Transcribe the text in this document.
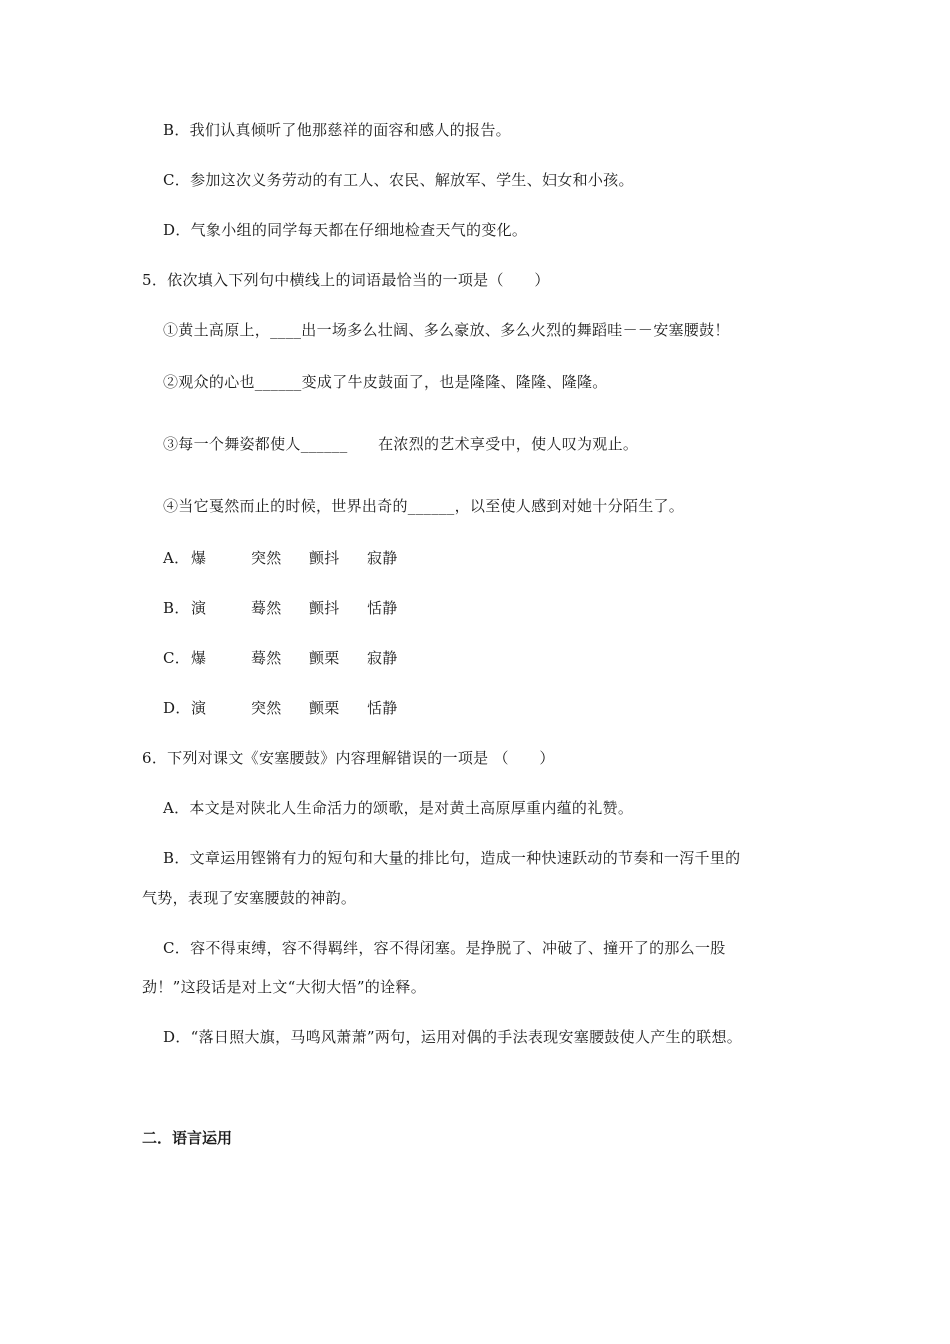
B．我们认真倾听了他那慈祥的面容和感人的报告。
C．参加这次义务劳动的有工人、农民、解放军、学生、妇女和小孩。
D．气象小组的同学每天都在仔细地检查天气的变化。
5．依次填入下列句中横线上的词语最恰当的一项是（　　）
①黄土高原上，____出一场多么壮阔、多么豪放、多么火烈的舞蹈哇－－安塞腰鼓！
②观众的心也______变成了牛皮鼓面了，也是隆隆、隆隆、隆隆。
③每一个舞姿都使人______　　在浓烈的艺术享受中，使人叹为观止。
④当它戛然而止的时候，世界出奇的______，以至使人感到对她十分陌生了。
A． 爆	突然 颤抖 寂静
B．演	蓦然 颤抖 恬静
C．爆	蓦然 颤栗 寂静
D．演	突然 颤栗 恬静
6．下列对课文《安塞腰鼓》内容理解错误的一项是 （　　）
A．本文是对陕北人生命活力的颂歌，是对黄土高原厚重内蕴的礼赞。
B．文章运用铿锵有力的短句和大量的排比句，造成一种快速跃动的节奏和一泻千里的
气势，表现了安塞腰鼓的神韵。
C．容不得束缚，容不得羁绊，容不得闭塞。是挣脱了、冲破了、撞开了的那么一股
劲！”这段话是对上文“大彻大悟”的诠释。
D．“落日照大旗，马鸣风萧萧”两句，运用对偶的手法表现安塞腰鼓使人产生的联想。
二．语言运用
